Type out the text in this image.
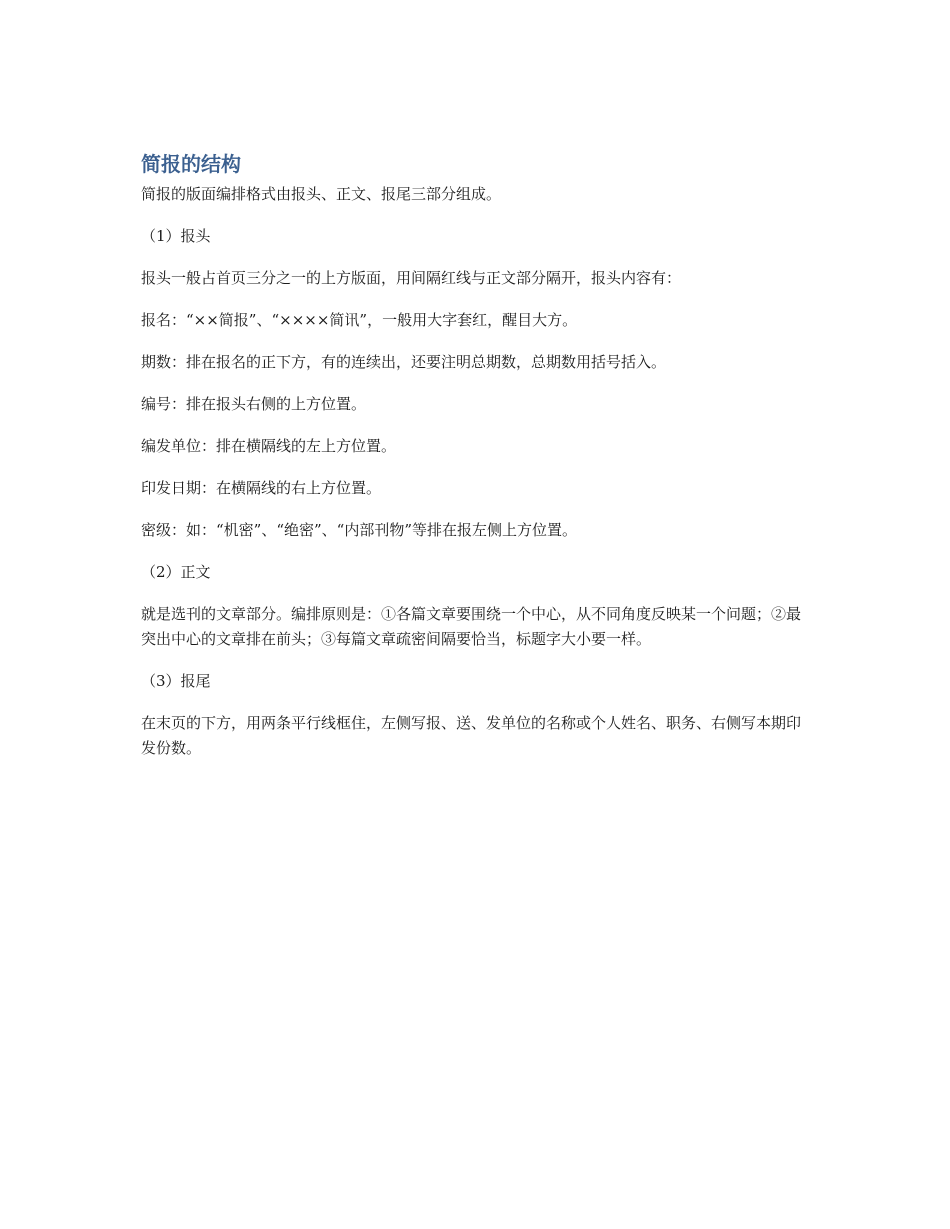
简报的结构

简报的版面编排格式由报头、正文、报尾三部分组成。

（1）报头

报头一般占首页三分之一的上方版面，用间隔红线与正文部分隔开，报头内容有：

报名：“××简报”、“××××简讯”，一般用大字套红，醒目大方。

期数：排在报名的正下方，有的连续出，还要注明总期数，总期数用括号括入。

编号：排在报头右侧的上方位置。

编发单位：排在横隔线的左上方位置。

印发日期：在横隔线的右上方位置。

密级：如：“机密”、“绝密”、“内部刊物”等排在报左侧上方位置。

（2）正文

就是选刊的文章部分。编排原则是：①各篇文章要围绕一个中心，从不同角度反映某一个问题；②最突出中心的文章排在前头；③每篇文章疏密间隔要恰当，标题字大小要一样。

（3）报尾

在末页的下方，用两条平行线框住，左侧写报、送、发单位的名称或个人姓名、职务、右侧写本期印发份数。
